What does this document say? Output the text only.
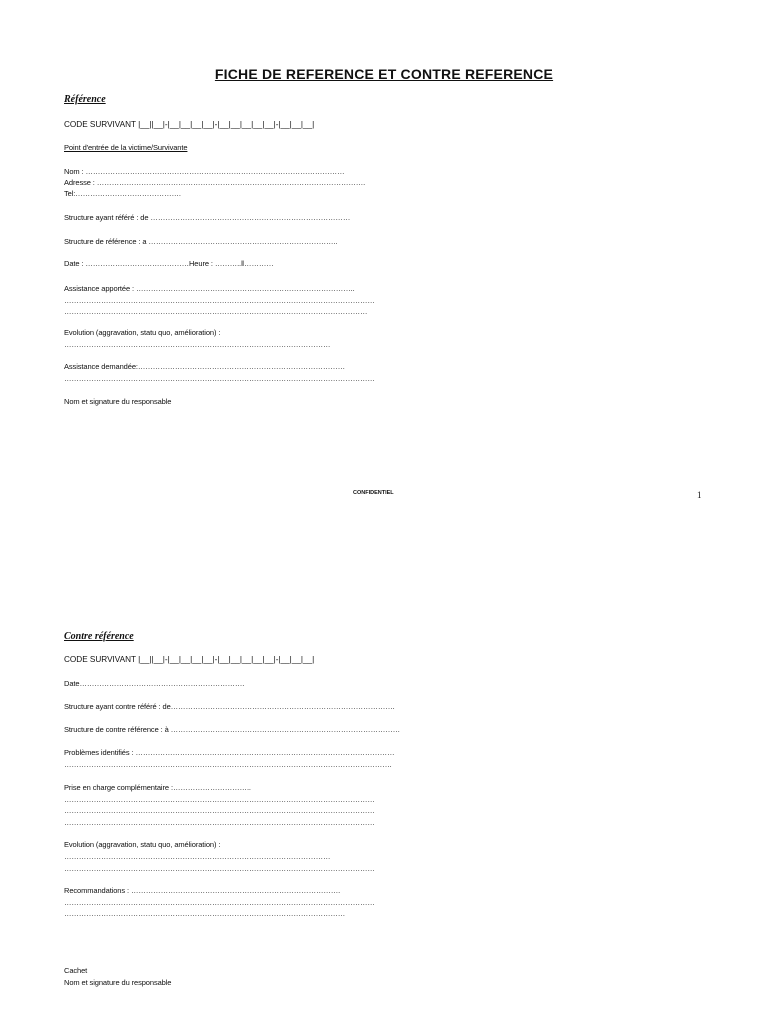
FICHE DE REFERENCE ET CONTRE REFERENCE
Référence
CODE SURVIVANT |__||__|-|__|__|__|__|-|__|__|__|__|__|-|__|__|__|
Point d'entrée de la victime/Survivante
Nom : ……………………………………………………………………………………………
Adresse : ……………………………………………………………………………………………….
Tel:…………………………………….
Structure ayant référé : de ………………………………………………………………………
Structure de référence : a …………………………………………………………………..
Date : ……………………………………Heure : ………..‖…………
Assistance apportée : ……………………………………………………………………………..
………………………………………………………………………………………………………………
……………………………………………………………………………………………………………
Evolution (aggravation, statu quo, amélioration) :
………………………………………………………………………………………………
Assistance demandée:…………………………………………………………………………
………………………………………………………………………………………………………………
Nom et signature du responsable
CONFIDENTIEL	1
Contre référence
CODE SURVIVANT |__||__|-|__|__|__|__|-|__|__|__|__|__|-|__|__|__|
Date………………………………………………………….
Structure ayant contre référé : de……………………………………………………………………………….
Structure de contre référence : à …………………………………………………………………………………
Problèmes identifiés : ……………………………………………………………………………………………
…………………………………………………………………………………………………………………….
Prise en charge complémentaire :…………………………..
………………………………………………………………………………………………………………
………………………………………………………………………………………………………………
………………………………………………………………………………………………………………
Evolution (aggravation, statu quo, amélioration) :
………………………………………………………………………………………………
………………………………………………………………………………………………………………
Recommandations : ………………………………………………………………………….
………………………………………………………………………………………………………………
……………………………………………………………………………………………………
Cachet
Nom et signature du responsable
